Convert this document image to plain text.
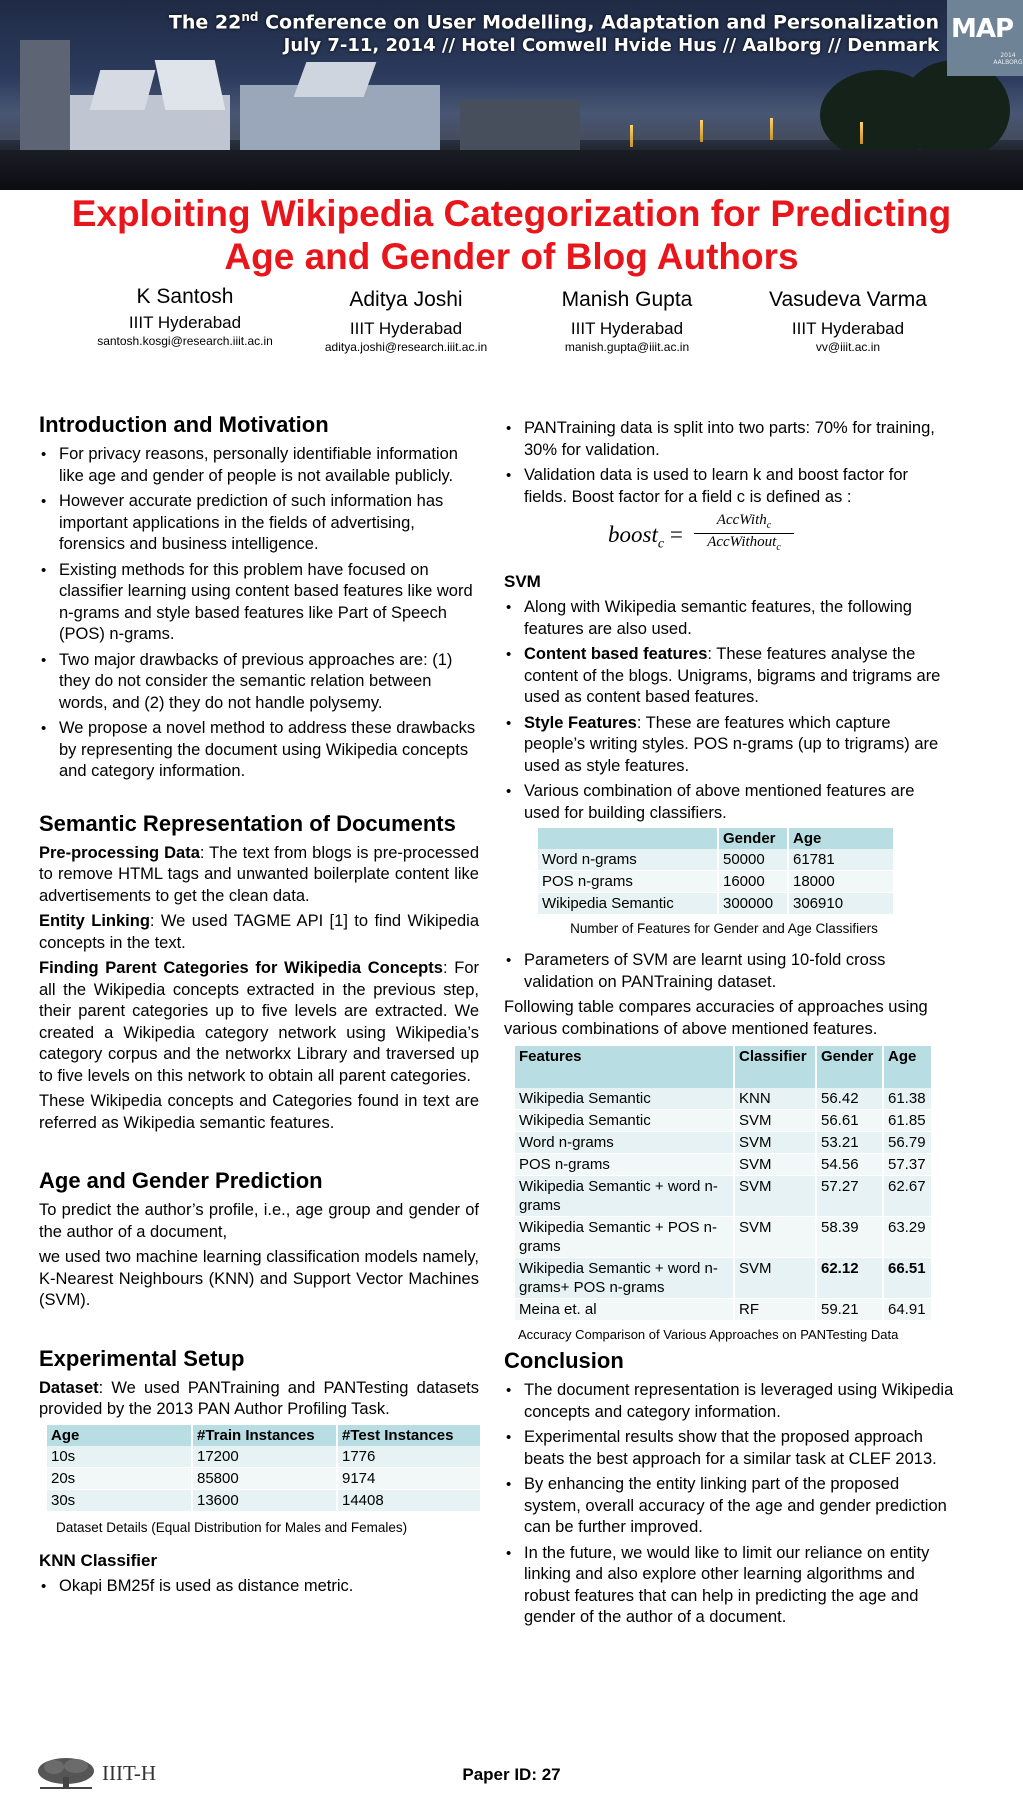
The 22nd Conference on User Modelling, Adaptation and Personalization
July 7-11, 2014 // Hotel Comwell Hvide Hus // Aalborg // Denmark
MAP
2014 AALBORG
Exploiting Wikipedia Categorization for Predicting
Age and Gender of Blog Authors
K Santosh
IIIT Hyderabad
santosh.kosgi@research.iiit.ac.in
Aditya Joshi
IIIT Hyderabad
aditya.joshi@research.iiit.ac.in
Manish Gupta
IIIT Hyderabad
manish.gupta@iiit.ac.in
Vasudeva Varma
IIIT Hyderabad
vv@iiit.ac.in
Introduction and Motivation
• For privacy reasons, personally identifiable information like age and gender of people is not available publicly.
• However accurate prediction of such information has important applications in the fields of advertising, forensics and business intelligence.
• Existing methods for this problem have focused on classifier learning using content based features like word n-grams and style based features like Part of Speech (POS) n-grams.
• Two major drawbacks of previous approaches are: (1) they do not consider the semantic relation between words, and (2) they do not handle polysemy.
• We propose a novel method to address these drawbacks by representing the document using Wikipedia concepts and category information.
Semantic Representation of Documents

Pre-processing Data: The text from blogs is pre-processed to remove HTML tags and unwanted boilerplate content like advertisements to get the clean data.

Entity Linking: We used TAGME API [1] to find Wikipedia concepts in the text.

Finding Parent Categories for Wikipedia Concepts: For all the Wikipedia concepts extracted in the previous step, their parent categories up to five levels are extracted. We created a Wikipedia category network using Wikipedia’s category corpus and the networkx Library and traversed up to five levels on this network to obtain all parent categories.

These Wikipedia concepts and Categories found in text are referred as Wikipedia semantic features.

Age and Gender Prediction

To predict the author’s profile, i.e., age group and gender of the author of a document,

we used two machine learning classification models namely, K-Nearest Neighbours (KNN) and Support Vector Machines (SVM).

Experimental Setup

Dataset: We used PANTraining and PANTesting datasets provided by the 2013 PAN Author Profiling Task.

Age	#Train Instances	#Test Instances
10s	17200	1776
20s	85800	9174
30s	13600	14408
Dataset Details (Equal Distribution for Males and Females)
KNN Classifier
• Okapi BM25f is used as distance metric.
• PANTraining data is split into two parts: 70% for training, 30% for validation.
• Validation data is used to learn k and boost factor for fields. Boost factor for a field c is defined as :
boost$_c$ =
AccWith$_c$
AccWithout$_c$
SVM
• Along with Wikipedia semantic features, the following features are also used.
• Content based features: These features analyse the content of the blogs. Unigrams, bigrams and trigrams are used as content based features.
• Style Features: These are features which capture people’s writing styles. POS n-grams (up to trigrams) are used as style features.
• Various combination of above mentioned features are used for building classifiers.
	Gender	Age
Word n-grams	50000	61781
POS n-grams	16000	18000
Wikipedia Semantic	300000	306910
Number of Features for Gender and Age Classifiers
• Parameters of SVM are learnt using 10-fold cross validation on PANTraining dataset.

Following table compares accuracies of approaches using various combinations of above mentioned features.

Features	Classifier	Gender	Age
Wikipedia Semantic	KNN	56.42	61.38
Wikipedia Semantic	SVM	56.61	61.85
Word n-grams	SVM	53.21	56.79
POS n-grams	SVM	54.56	57.37
Wikipedia Semantic + word n-grams	SVM	57.27	62.67
Wikipedia Semantic + POS n-grams	SVM	58.39	63.29
Wikipedia Semantic + word n-grams+ POS n-grams	SVM	62.12	66.51
Meina et. al	RF	59.21	64.91
Accuracy Comparison of Various Approaches on PANTesting Data
Conclusion
• The document representation is leveraged using Wikipedia concepts and category information.
• Experimental results show that the proposed approach beats the best approach for a similar task at CLEF 2013.
• By enhancing the entity linking part of the proposed system, overall accuracy of the age and gender prediction can be further improved.
• In the future, we would like to limit our reliance on entity linking and also explore other learning algorithms and robust features that can help in predicting the age and gender of the author of a document.
IIIT-H	Paper ID: 27
